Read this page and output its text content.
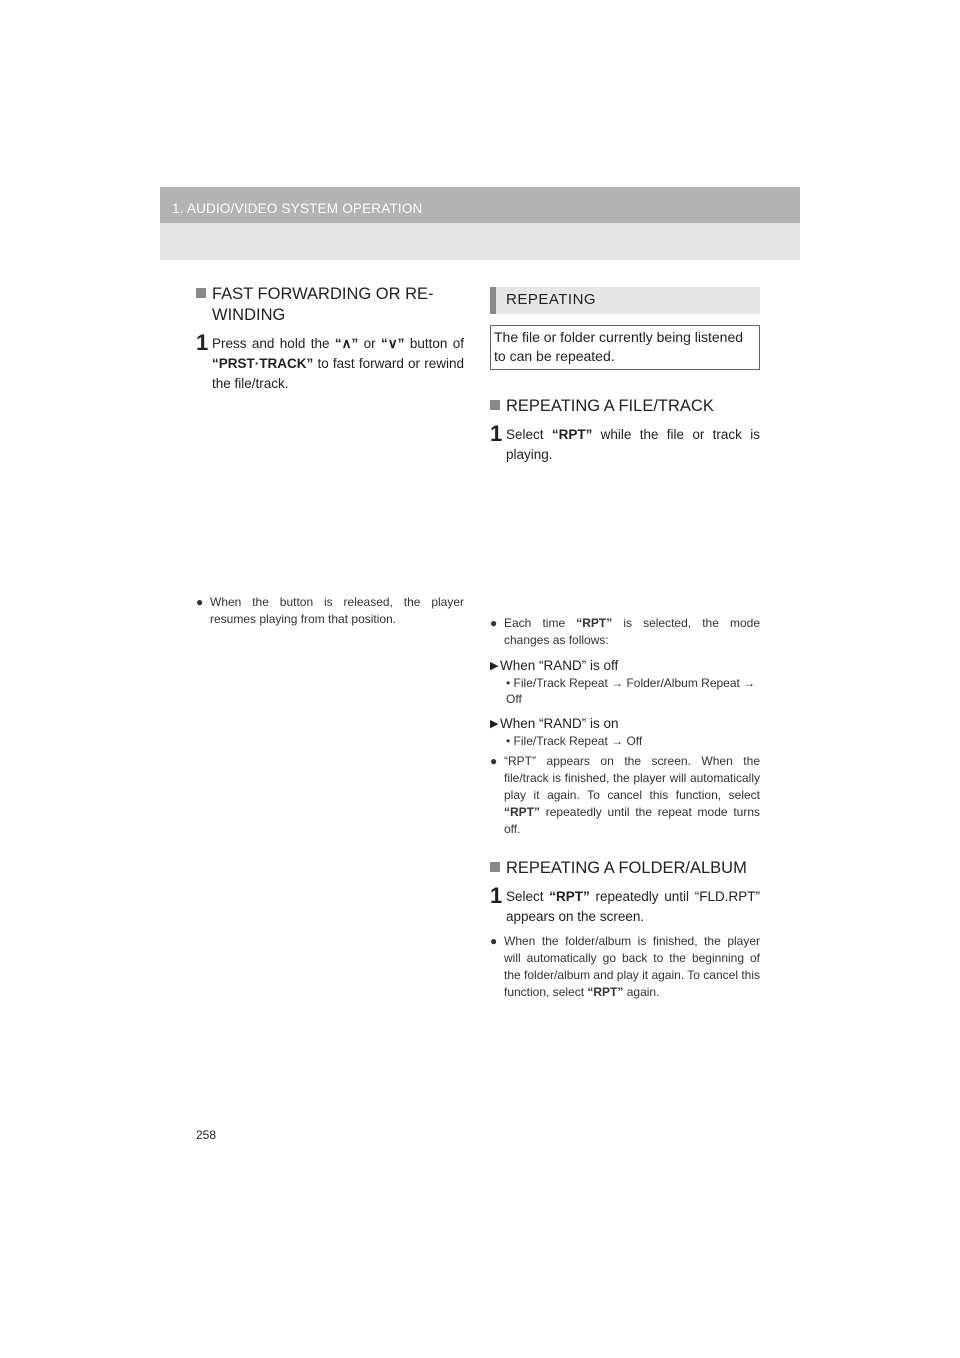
1. AUDIO/VIDEO SYSTEM OPERATION
FAST FORWARDING OR RE-
WINDING
1 Press and hold the “∧” or “∨” button of “PRST·TRACK” to fast forward or rewind the file/track.
● When the button is released, the player resumes playing from that position.
REPEATING
The file or folder currently being listened to can be repeated.
REPEATING A FILE/TRACK
1 Select “RPT” while the file or track is playing.
● Each time “RPT” is selected, the mode changes as follows:
▶ When “RAND” is off
• File/Track Repeat → Folder/Album Repeat → Off
▶ When “RAND” is on
• File/Track Repeat → Off
● “RPT” appears on the screen. When the file/track is finished, the player will automatically play it again. To cancel this function, select “RPT” repeatedly until the repeat mode turns off.
REPEATING A FOLDER/ALBUM
1 Select “RPT” repeatedly until “FLD.RPT” appears on the screen.
● When the folder/album is finished, the player will automatically go back to the beginning of the folder/album and play it again. To cancel this function, select “RPT” again.
258
